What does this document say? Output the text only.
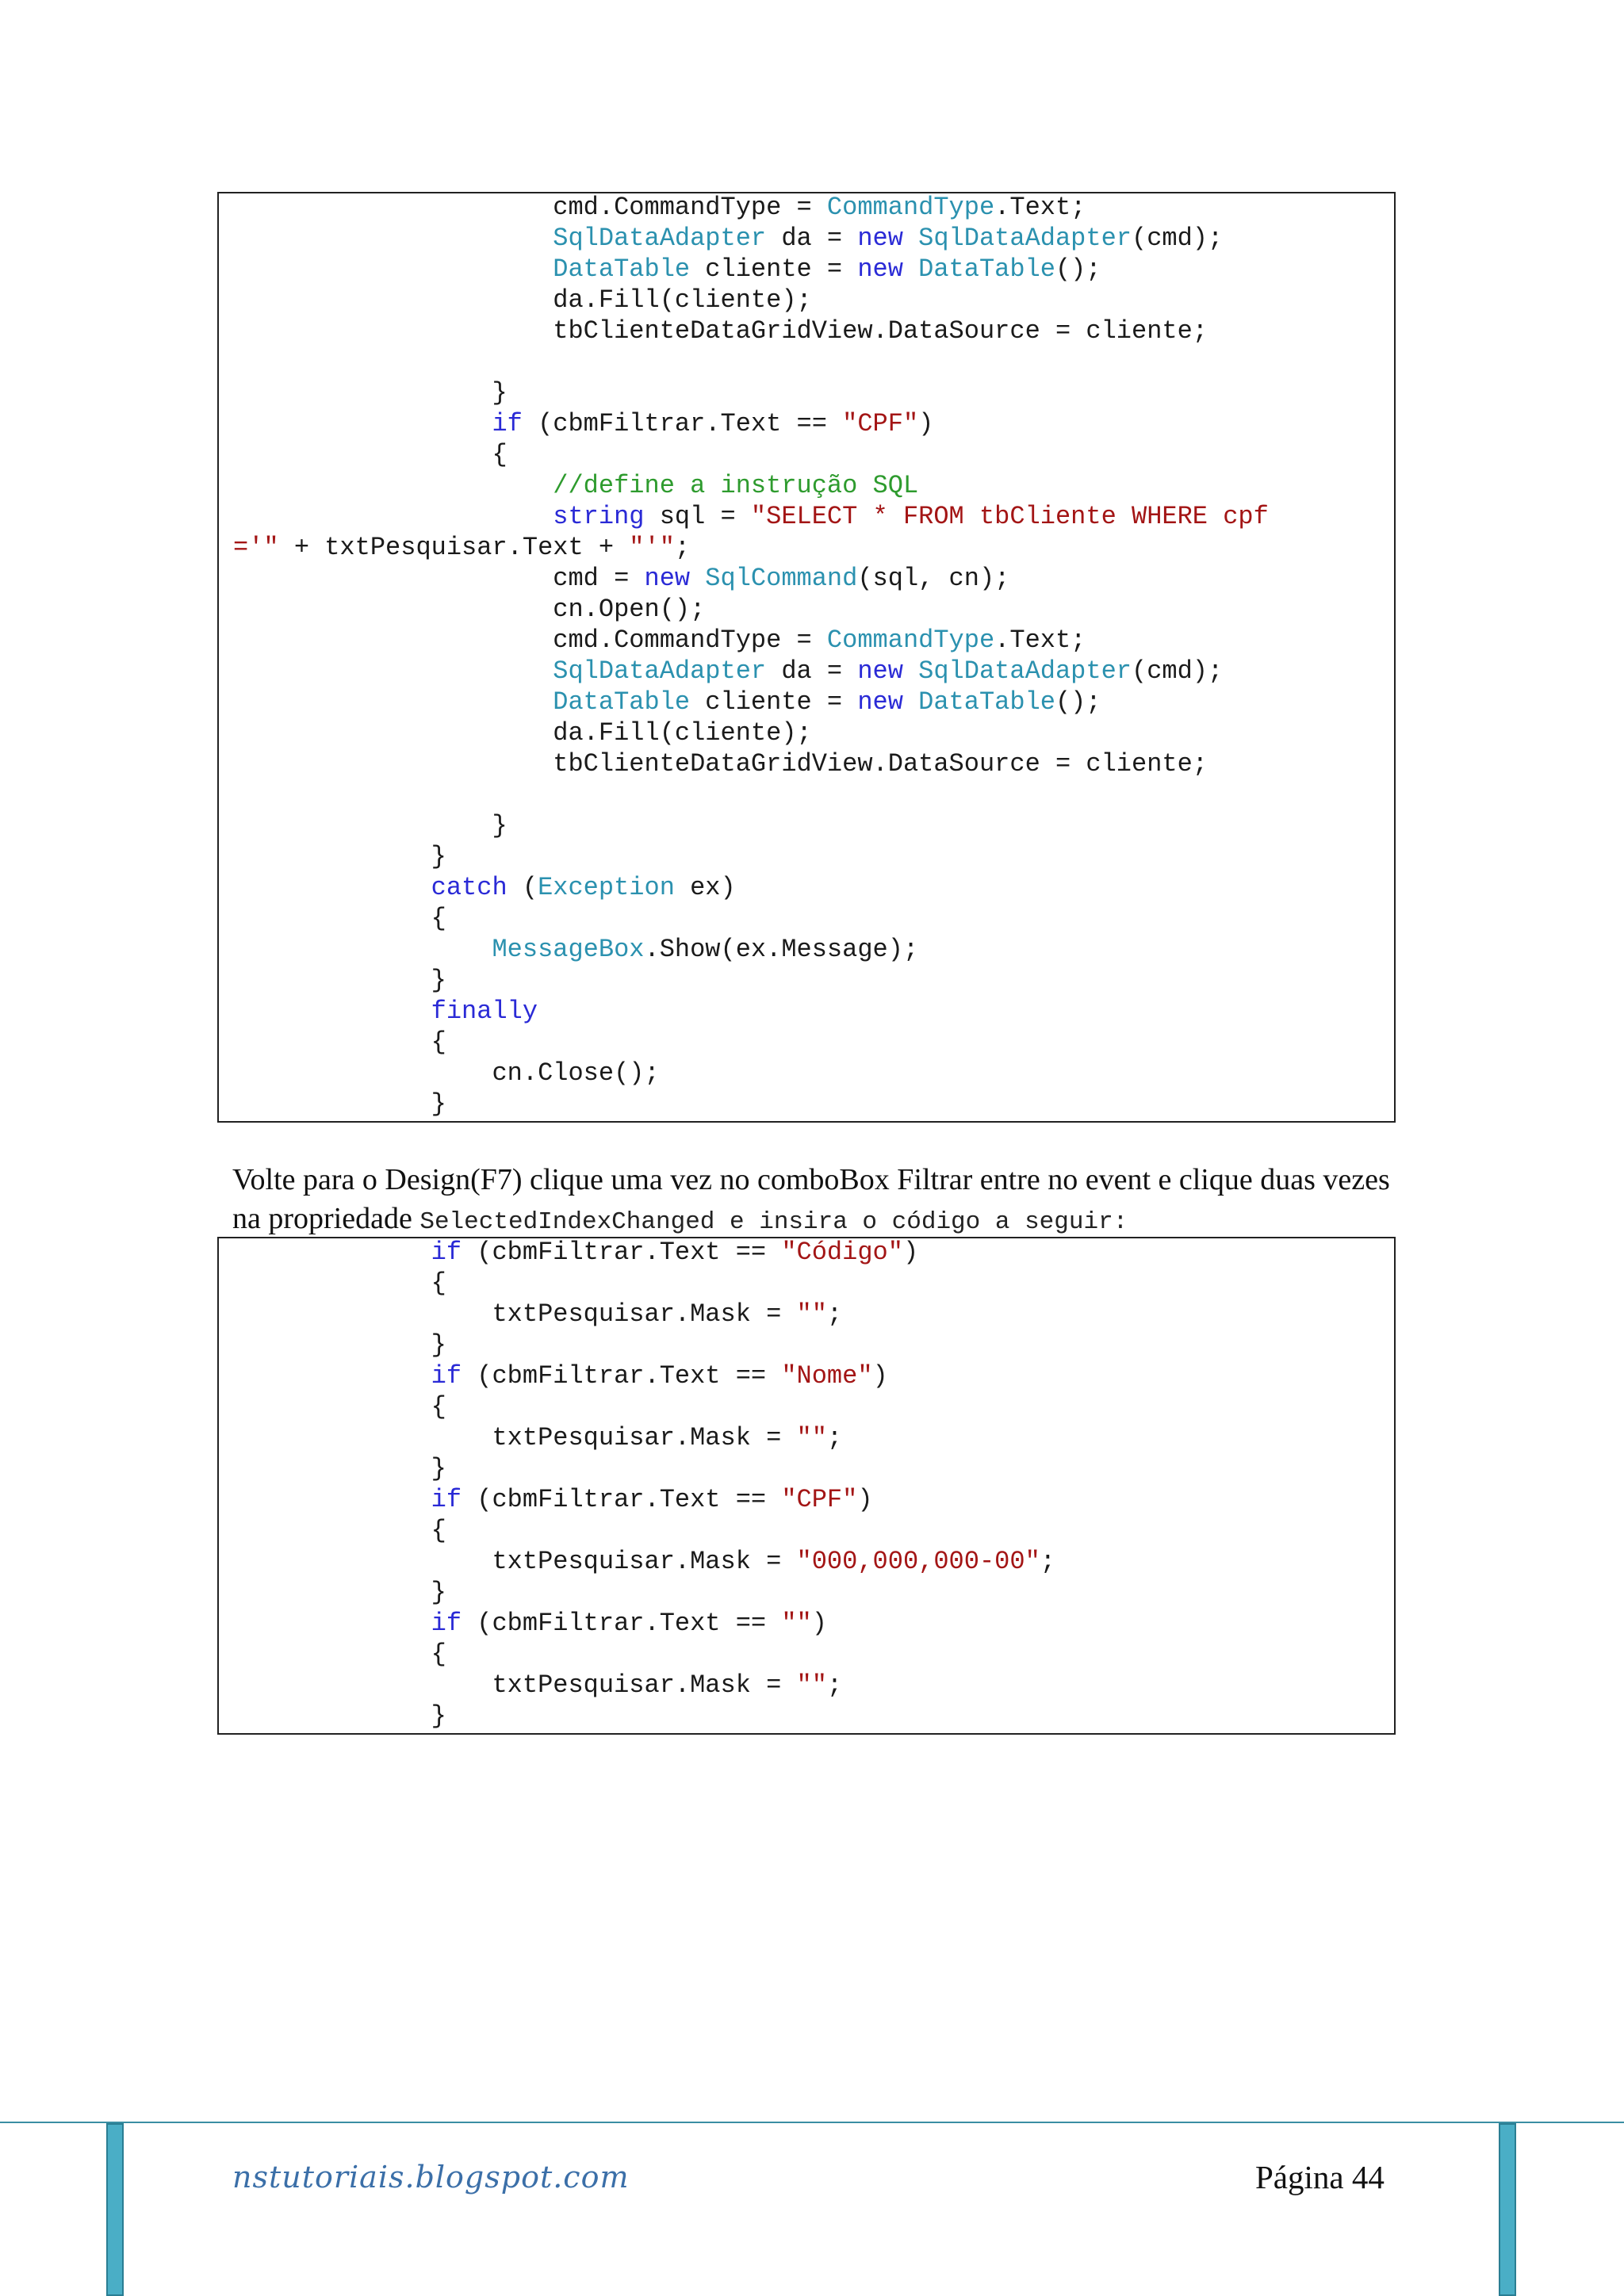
cmd.CommandType = CommandType.Text;
SqlDataAdapter da = new SqlDataAdapter(cmd);
DataTable cliente = new DataTable();
da.Fill(cliente);
tbClienteDataGridView.DataSource = cliente;
}
if (cbmFiltrar.Text == "CPF")
{
//define a instrução SQL
string sql = "SELECT * FROM tbCliente WHERE cpf
='" + txtPesquisar.Text + "'";
cmd = new SqlCommand(sql, cn);
cn.Open();
cmd.CommandType = CommandType.Text;
SqlDataAdapter da = new SqlDataAdapter(cmd);
DataTable cliente = new DataTable();
da.Fill(cliente);
tbClienteDataGridView.DataSource = cliente;
}
}
catch (Exception ex)
{
MessageBox.Show(ex.Message);
}
finally
{
cn.Close();
}
Volte para o Design(F7) clique uma vez no comboBox Filtrar entre no event e clique duas vezes na propriedade SelectedIndexChanged e insira o código a seguir:
if (cbmFiltrar.Text == "Código")
{
txtPesquisar.Mask = "";
}
if (cbmFiltrar.Text == "Nome")
{
txtPesquisar.Mask = "";
}
if (cbmFiltrar.Text == "CPF")
{
txtPesquisar.Mask = "000,000,000-00";
}
if (cbmFiltrar.Text == "")
{
txtPesquisar.Mask = "";
}
nstutoriais.blogspot.com	Página 44
